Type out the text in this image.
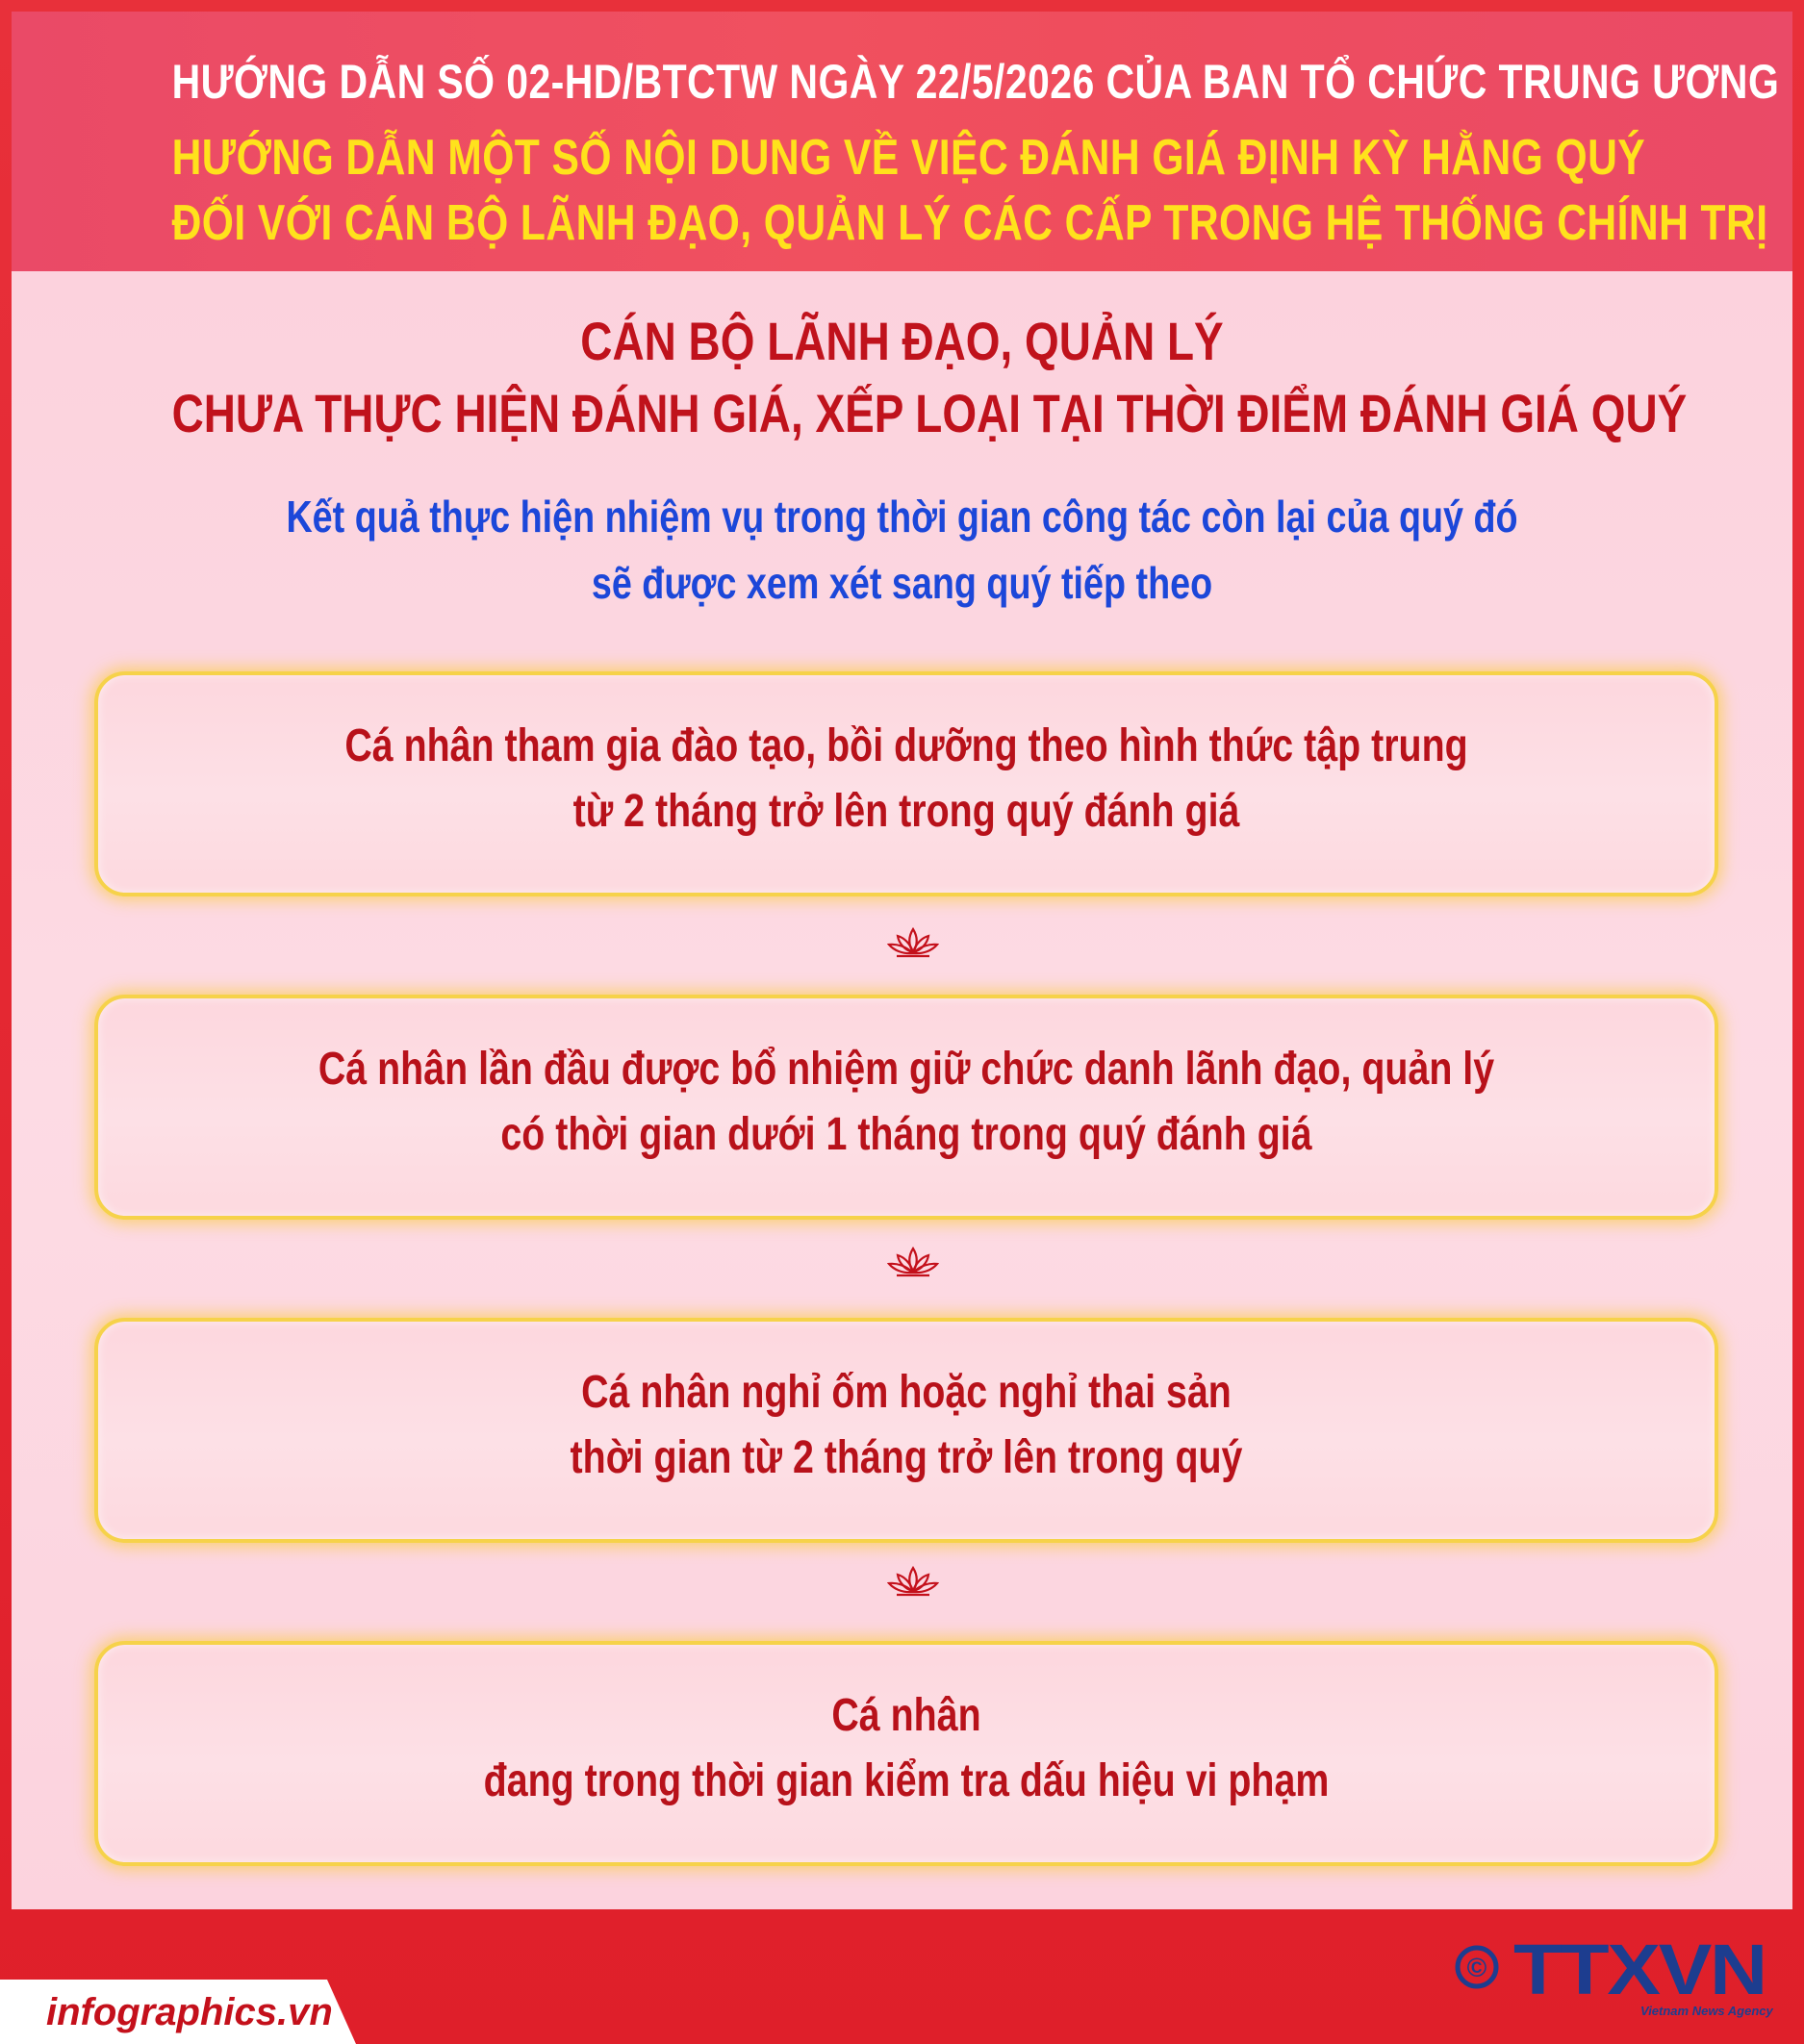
HƯỚNG DẪN SỐ 02-HD/BTCTW NGÀY 22/5/2026 CỦA BAN TỔ CHỨC TRUNG ƯƠNG
HƯỚNG DẪN MỘT SỐ NỘI DUNG VỀ VIỆC ĐÁNH GIÁ ĐỊNH KỲ HẰNG QUÝ
ĐỐI VỚI CÁN BỘ LÃNH ĐẠO, QUẢN LÝ CÁC CẤP TRONG HỆ THỐNG CHÍNH TRỊ
CÁN BỘ LÃNH ĐẠO, QUẢN LÝ
CHƯA THỰC HIỆN ĐÁNH GIÁ, XẾP LOẠI TẠI THỜI ĐIỂM ĐÁNH GIÁ QUÝ
Kết quả thực hiện nhiệm vụ trong thời gian công tác còn lại của quý đó
sẽ được xem xét sang quý tiếp theo
Cá nhân tham gia đào tạo, bồi dưỡng theo hình thức tập trung
từ 2 tháng trở lên trong quý đánh giá
Cá nhân lần đầu được bổ nhiệm giữ chức danh lãnh đạo, quản lý
có thời gian dưới 1 tháng trong quý đánh giá
Cá nhân nghỉ ốm hoặc nghỉ thai sản
thời gian từ 2 tháng trở lên trong quý
Cá nhân
đang trong thời gian kiểm tra dấu hiệu vi phạm
infographics.vn
© TTXVN
Vietnam News Agency
